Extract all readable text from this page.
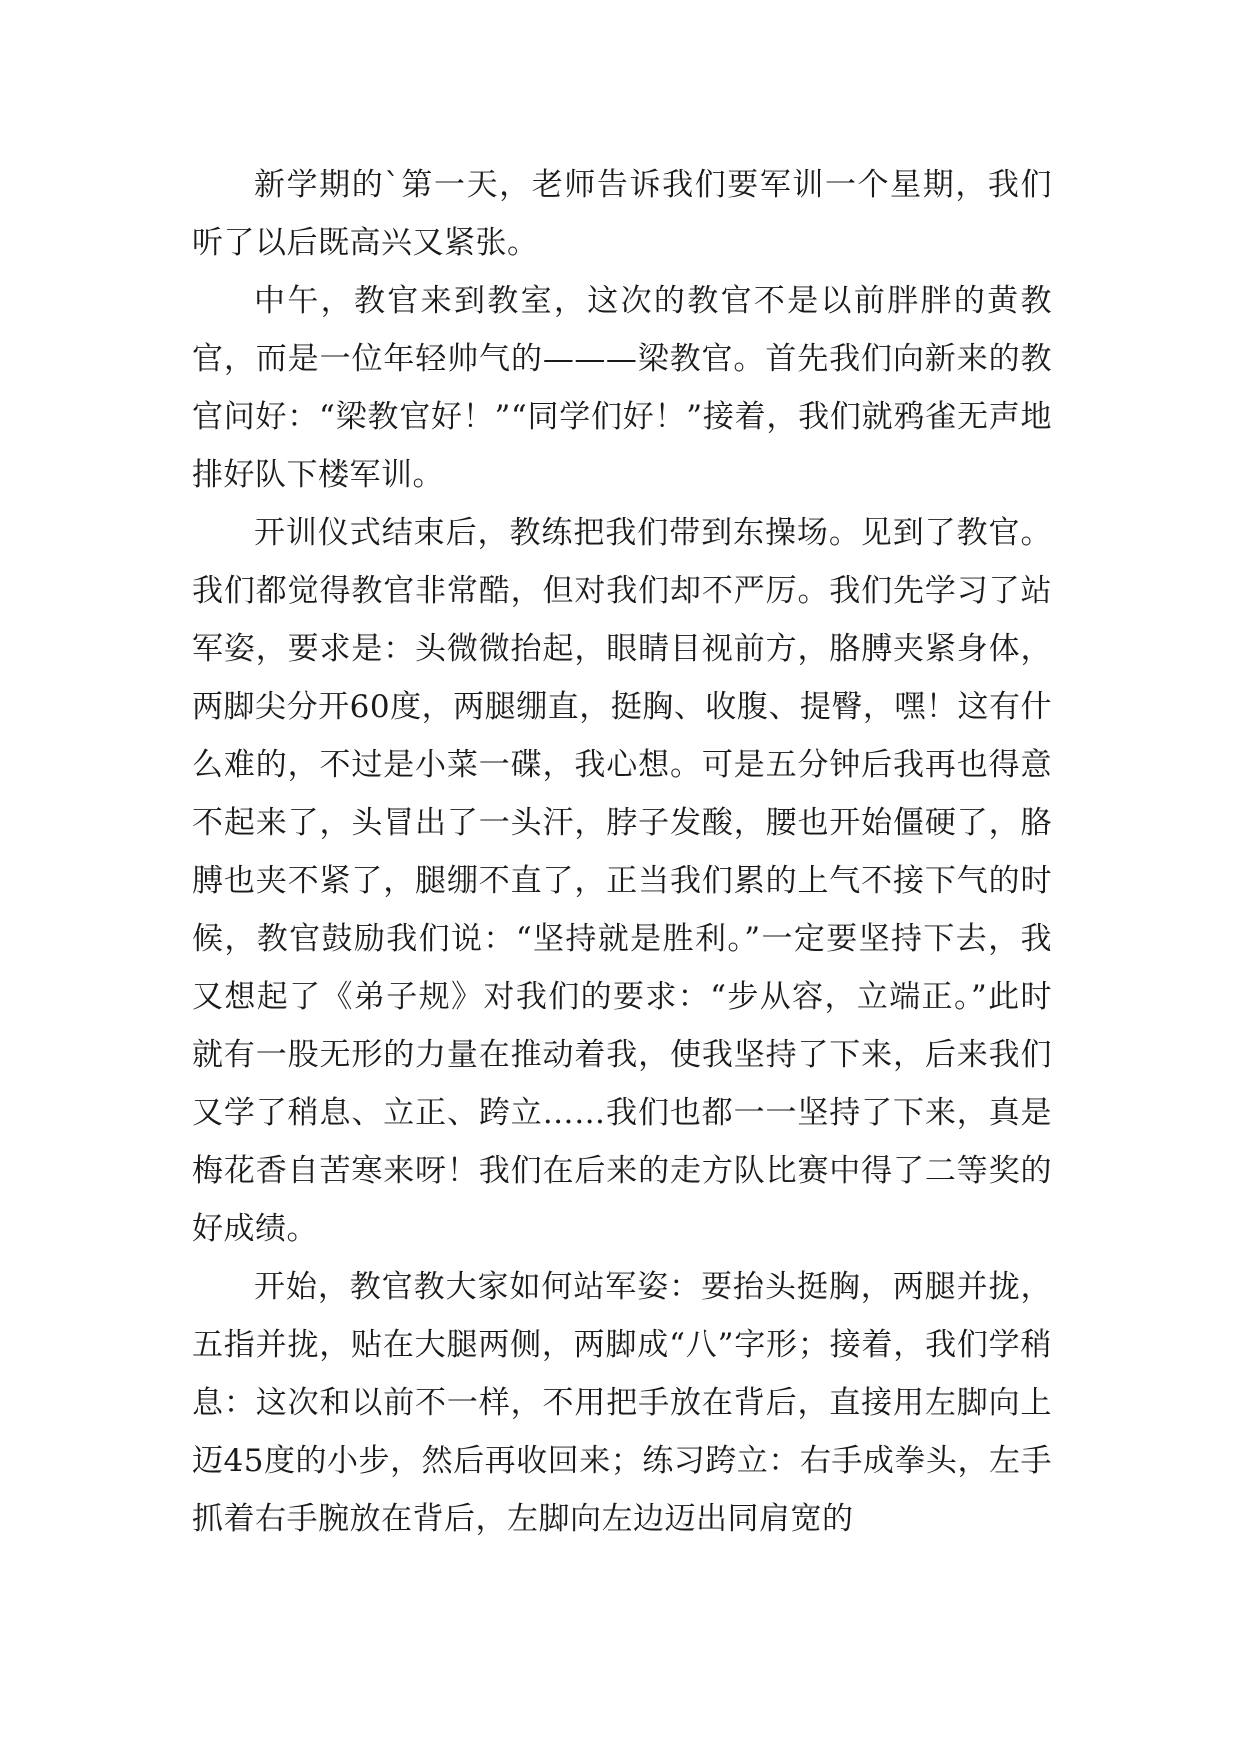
新学期的`第一天，老师告诉我们要军训一个星期，我们听了以后既高兴又紧张。

中午，教官来到教室，这次的教官不是以前胖胖的黄教官，而是一位年轻帅气的———梁教官。首先我们向新来的教官问好：“梁教官好！”“同学们好！”接着，我们就鸦雀无声地排好队下楼军训。

开训仪式结束后，教练把我们带到东操场。见到了教官。我们都觉得教官非常酷，但对我们却不严厉。我们先学习了站军姿，要求是：头微微抬起，眼睛目视前方，胳膊夹紧身体，两脚尖分开60度，两腿绷直，挺胸、收腹、提臀，嘿！这有什么难的，不过是小菜一碟，我心想。可是五分钟后我再也得意不起来了，头冒出了一头汗，脖子发酸，腰也开始僵硬了，胳膊也夹不紧了，腿绷不直了，正当我们累的上气不接下气的时候，教官鼓励我们说：“坚持就是胜利。”一定要坚持下去，我又想起了《弟子规》对我们的要求：“步从容，立端正。”此时就有一股无形的力量在推动着我，使我坚持了下来，后来我们又学了稍息、立正、跨立……我们也都一一坚持了下来，真是梅花香自苦寒来呀！我们在后来的走方队比赛中得了二等奖的好成绩。

开始，教官教大家如何站军姿：要抬头挺胸，两腿并拢，五指并拢，贴在大腿两侧，两脚成“八”字形；接着，我们学稍息：这次和以前不一样，不用把手放在背后，直接用左脚向上迈45度的小步，然后再收回来；练习跨立：右手成拳头，左手抓着右手腕放在背后，左脚向左边迈出同肩宽的
